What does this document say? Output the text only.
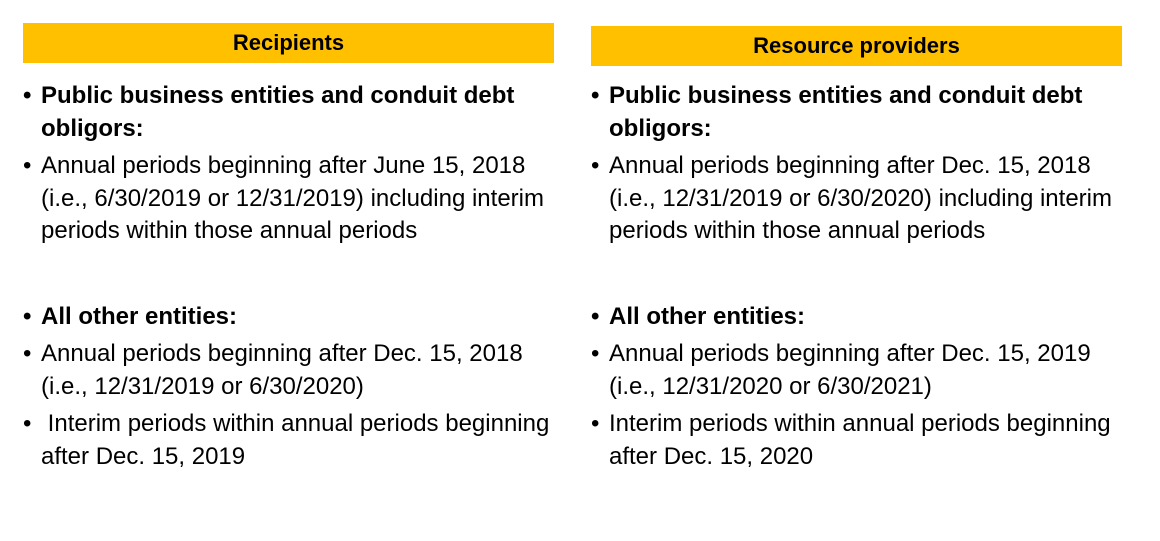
Recipients
• Public business entities and conduit debt obligors:
• Annual periods beginning after June 15, 2018 (i.e., 6/30/2019 or 12/31/2019) including interim periods within those annual periods
• All other entities:
• Annual periods beginning after Dec. 15, 2018 (i.e., 12/31/2019 or 6/30/2020)
•  Interim periods within annual periods beginning after Dec. 15, 2019
Resource providers
• Public business entities and conduit debt obligors:
• Annual periods beginning after Dec. 15, 2018 (i.e., 12/31/2019 or 6/30/2020) including interim periods within those annual periods
• All other entities:
• Annual periods beginning after Dec. 15, 2019 (i.e., 12/31/2020 or 6/30/2021)
• Interim periods within annual periods beginning after Dec. 15, 2020
